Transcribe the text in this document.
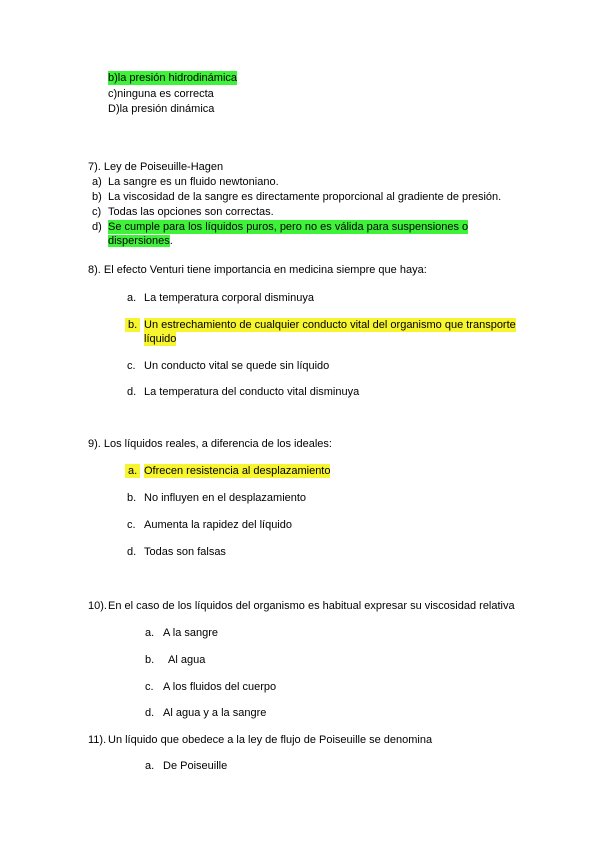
b)la presión hidrodinámica
c)ninguna es correcta
D)la presión dinámica
7). Ley de Poiseuille-Hagen
a) La sangre es un fluido newtoniano.
b) La viscosidad de la sangre es directamente proporcional al gradiente de presión.
c) Todas las opciones son correctas.
d) Se cumple para los líquidos puros, pero no es válida para suspensiones o
dispersiones.
8). El efecto Venturi tiene importancia en medicina siempre que haya:
a. La temperatura corporal disminuya
b. Un estrechamiento de cualquier conducto vital del organismo que transporte
líquido
c. Un conducto vital se quede sin líquido
d. La temperatura del conducto vital disminuya
9). Los líquidos reales, a diferencia de los ideales:
a. Ofrecen resistencia al desplazamiento
b. No influyen en el desplazamiento
c. Aumenta la rapidez del líquido
d. Todas son falsas
10). En el caso de los líquidos del organismo es habitual expresar su viscosidad relativa
a. A la sangre
b. Al agua
c. A los fluidos del cuerpo
d. Al agua y a la sangre
11). Un líquido que obedece a la ley de flujo de Poiseuille se denomina
a. De Poiseuille
